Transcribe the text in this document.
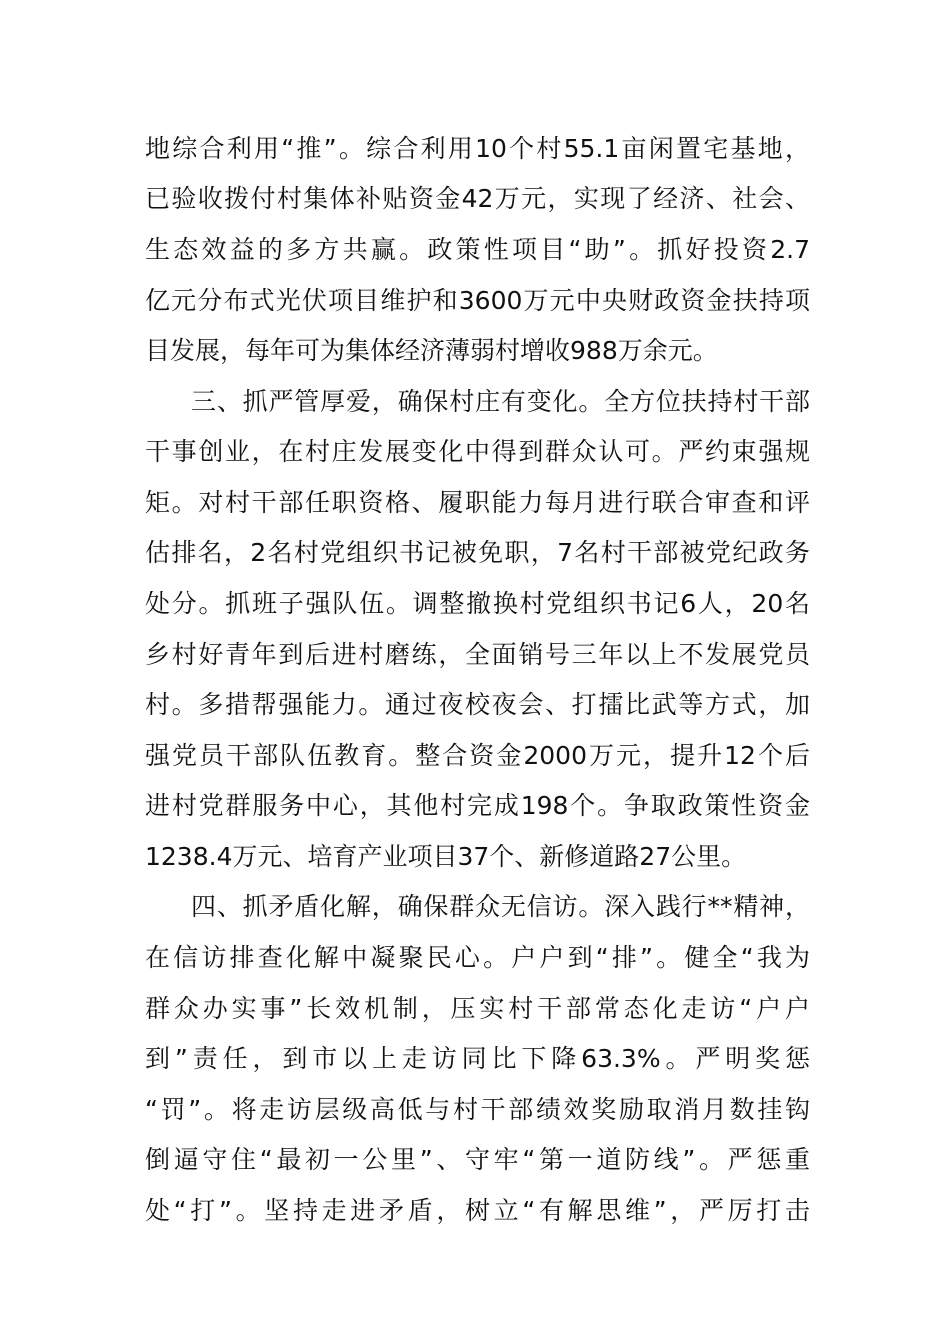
地综合利用“推”。综合利用10个村55.1亩闲置宅基地，
已验收拨付村集体补贴资金42万元，实现了经济、社会、
生态效益的多方共赢。政策性项目“助”。抓好投资2.7
亿元分布式光伏项目维护和3600万元中央财政资金扶持项
目发展，每年可为集体经济薄弱村增收988万余元。
三、抓严管厚爱，确保村庄有变化。全方位扶持村干部
干事创业，在村庄发展变化中得到群众认可。严约束强规
矩。对村干部任职资格、履职能力每月进行联合审查和评
估排名，2名村党组织书记被免职，7名村干部被党纪政务
处分。抓班子强队伍。调整撤换村党组织书记6人，20名
乡村好青年到后进村磨练，全面销号三年以上不发展党员
村。多措帮强能力。通过夜校夜会、打擂比武等方式，加
强党员干部队伍教育。整合资金2000万元，提升12个后
进村党群服务中心，其他村完成198个。争取政策性资金
1238.4万元、培育产业项目37个、新修道路27公里。
四、抓矛盾化解，确保群众无信访。深入践行**精神，
在信访排查化解中凝聚民心。户户到“排”。健全“我为
群众办实事”长效机制，压实村干部常态化走访“户户
到”责任，到市以上走访同比下降63.3%。严明奖惩
“罚”。将走访层级高低与村干部绩效奖励取消月数挂钩
倒逼守住“最初一公里”、守牢“第一道防线”。严惩重
处“打”。坚持走进矛盾，树立“有解思维”，严厉打击
